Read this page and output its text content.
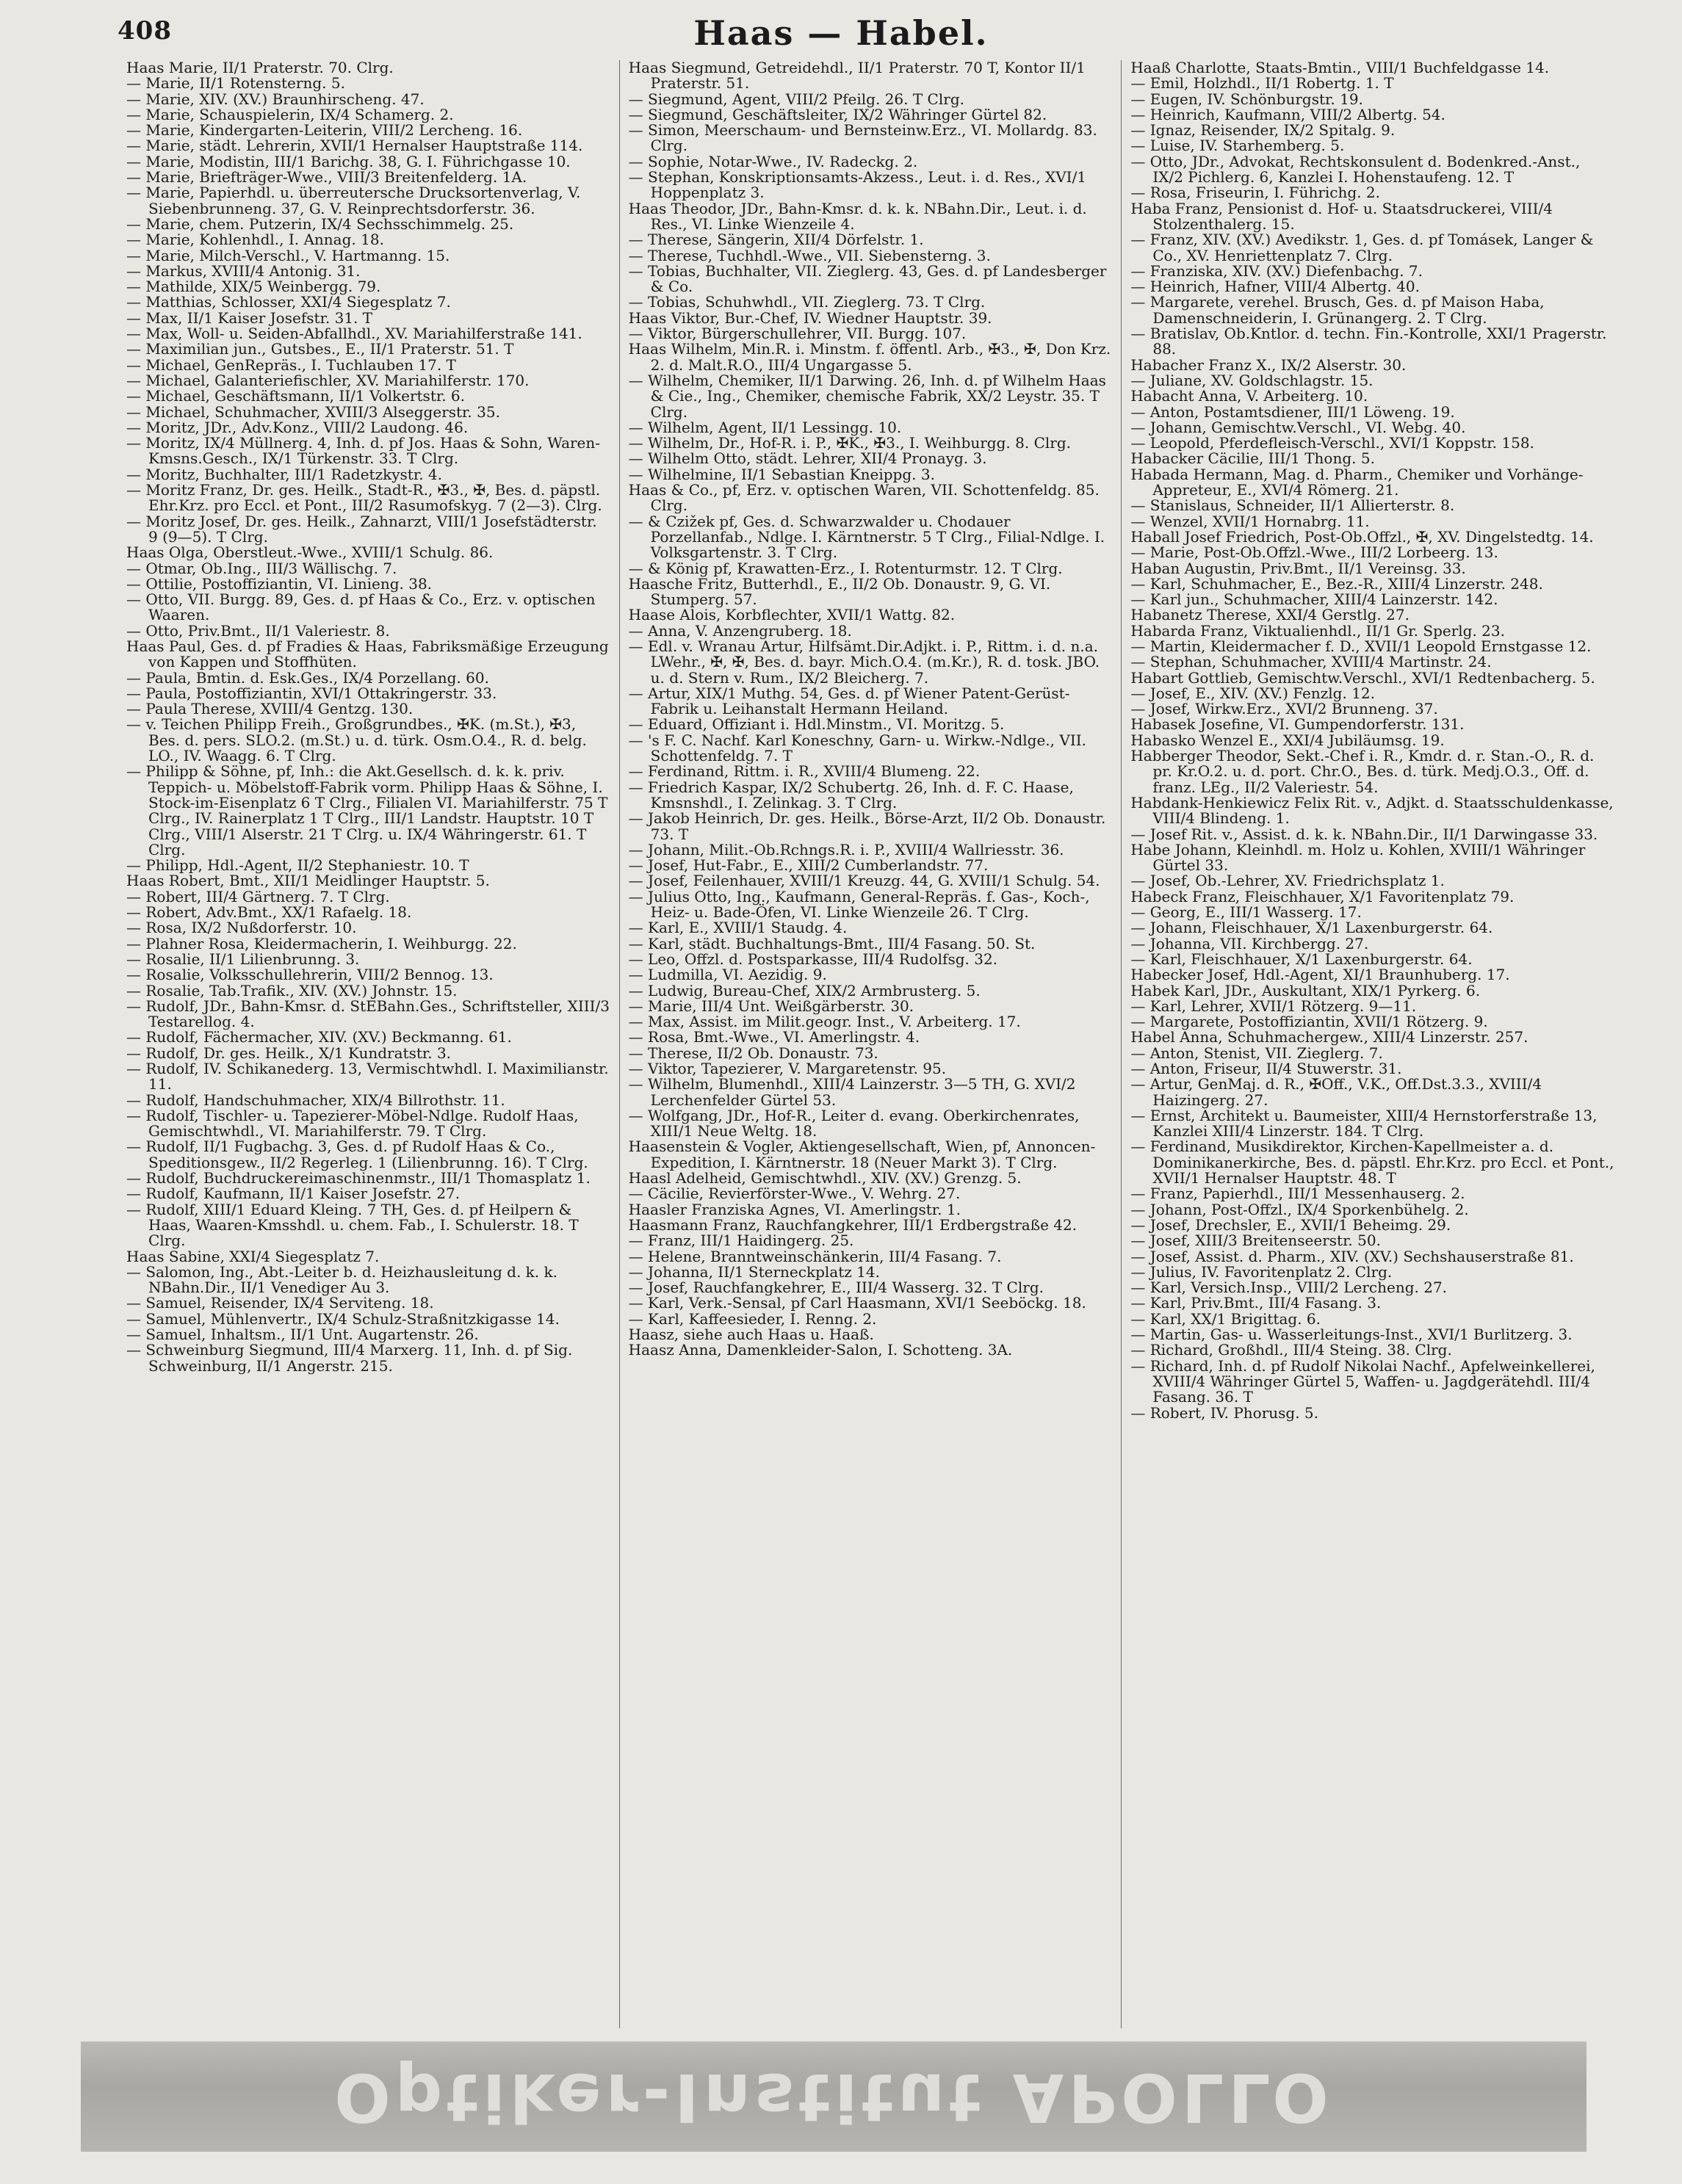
408	Haas — Habel.

Haas Marie, II/1 Praterstr. 70. Clrg.

— Marie, II/1 Rotensterng. 5.

— Marie, XIV. (XV.) Braunhirscheng. 47.

— Marie, Schauspielerin, IX/4 Schamerg. 2.

— Marie, Kindergarten-Leiterin, VIII/2 Lercheng. 16.

— Marie, städt. Lehrerin, XVII/1 Hernalser Hauptstraße 114.

— Marie, Modistin, III/1 Barichg. 38, G. I. Führichgasse 10.

— Marie, Briefträger-Wwe., VIII/3 Breitenfelderg. 1A.

— Marie, Papierhdl. u. überreutersche Drucksortenverlag, V. Siebenbrunneng. 37, G. V. Reinprechtsdorferstr. 36.

— Marie, chem. Putzerin, IX/4 Sechsschimmelg. 25.

— Marie, Kohlenhdl., I. Annag. 18.

— Marie, Milch-Verschl., V. Hartmanng. 15.

— Markus, XVIII/4 Antonig. 31.

— Mathilde, XIX/5 Weinbergg. 79.

— Matthias, Schlosser, XXI/4 Siegesplatz 7.

— Max, II/1 Kaiser Josefstr. 31. T

— Max, Woll- u. Seiden-Abfallhdl., XV. Mariahilferstraße 141.

— Maximilian jun., Gutsbes., E., II/1 Praterstr. 51. T

— Michael, GenRepräs., I. Tuchlauben 17. T

— Michael, Galanteriefischler, XV. Mariahilferstr. 170.

— Michael, Geschäftsmann, II/1 Volkertstr. 6.

— Michael, Schuhmacher, XVIII/3 Alseggerstr. 35.

— Moritz, JDr., Adv.Konz., VIII/2 Laudong. 46.

— Moritz, IX/4 Müllnerg. 4, Inh. d. pf Jos. Haas & Sohn, Waren-Kmsns.Gesch., IX/1 Türkenstr. 33. T Clrg.

— Moritz, Buchhalter, III/1 Radetzkystr. 4.

— Moritz Franz, Dr. ges. Heilk., Stadt-R., ✠3., ✠, Bes. d. päpstl. Ehr.Krz. pro Eccl. et Pont., III/2 Rasumofskyg. 7 (2—3). Clrg.

— Moritz Josef, Dr. ges. Heilk., Zahnarzt, VIII/1 Josefstädterstr. 9 (9—5). T Clrg.

Haas Olga, Oberstleut.-Wwe., XVIII/1 Schulg. 86.

— Otmar, Ob.Ing., III/3 Wällischg. 7.

— Ottilie, Postoffiziantin, VI. Linieng. 38.

— Otto, VII. Burgg. 89, Ges. d. pf Haas & Co., Erz. v. optischen Waaren.

— Otto, Priv.Bmt., II/1 Valeriestr. 8.

Haas Paul, Ges. d. pf Fradies & Haas, Fabriksmäßige Erzeugung von Kappen und Stoffhüten.

— Paula, Bmtin. d. Esk.Ges., IX/4 Porzellang. 60.

— Paula, Postoffiziantin, XVI/1 Ottakringerstr. 33.

— Paula Therese, XVIII/4 Gentzg. 130.

— v. Teichen Philipp Freih., Großgrundbes., ✠K. (m.St.), ✠3, Bes. d. pers. SLO.2. (m.St.) u. d. türk. Osm.O.4., R. d. belg. LO., IV. Waagg. 6. T Clrg.

— Philipp & Söhne, pf, Inh.: die Akt.Gesellsch. d. k. k. priv. Teppich- u. Möbelstoff-Fabrik vorm. Philipp Haas & Söhne, I. Stock-im-Eisenplatz 6 T Clrg., Filialen VI. Mariahilferstr. 75 T Clrg., IV. Rainerplatz 1 T Clrg., III/1 Landstr. Hauptstr. 10 T Clrg., VIII/1 Alserstr. 21 T Clrg. u. IX/4 Währingerstr. 61. T Clrg.

— Philipp, Hdl.-Agent, II/2 Stephaniestr. 10. T

Haas Robert, Bmt., XII/1 Meidlinger Hauptstr. 5.

— Robert, III/4 Gärtnerg. 7. T Clrg.

— Robert, Adv.Bmt., XX/1 Rafaelg. 18.

— Rosa, IX/2 Nußdorferstr. 10.

— Plahner Rosa, Kleidermacherin, I. Weihburgg. 22.

— Rosalie, II/1 Lilienbrunng. 3.

— Rosalie, Volksschullehrerin, VIII/2 Bennog. 13.

— Rosalie, Tab.Trafik., XIV. (XV.) Johnstr. 15.

— Rudolf, JDr., Bahn-Kmsr. d. StEBahn.Ges., Schriftsteller, XIII/3 Testarellog. 4.

— Rudolf, Fächermacher, XIV. (XV.) Beckmanng. 61.

— Rudolf, Dr. ges. Heilk., X/1 Kundratstr. 3.

— Rudolf, IV. Schikanederg. 13, Vermischtwhdl. I. Maximilianstr. 11.

— Rudolf, Handschuhmacher, XIX/4 Billrothstr. 11.

— Rudolf, Tischler- u. Tapezierer-Möbel-Ndlge. Rudolf Haas, Gemischtwhdl., VI. Mariahilferstr. 79. T Clrg.

— Rudolf, II/1 Fugbachg. 3, Ges. d. pf Rudolf Haas & Co., Speditionsgew., II/2 Regerleg. 1 (Lilienbrunng. 16). T Clrg.

— Rudolf, Buchdruckereimaschinenmstr., III/1 Thomasplatz 1.

— Rudolf, Kaufmann, II/1 Kaiser Josefstr. 27.

— Rudolf, XIII/1 Eduard Kleing. 7 TH, Ges. d. pf Heilpern & Haas, Waaren-Kmsshdl. u. chem. Fab., I. Schulerstr. 18. T Clrg.

Haas Sabine, XXI/4 Siegesplatz 7.

— Salomon, Ing., Abt.-Leiter b. d. Heizhausleitung d. k. k. NBahn.Dir., II/1 Venediger Au 3.

— Samuel, Reisender, IX/4 Serviteng. 18.

— Samuel, Mühlenvertr., IX/4 Schulz-Straßnitzkigasse 14.

— Samuel, Inhaltsm., II/1 Unt. Augartenstr. 26.

— Schweinburg Siegmund, III/4 Marxerg. 11, Inh. d. pf Sig. Schweinburg, II/1 Angerstr. 215.

Haas Siegmund, Getreidehdl., II/1 Praterstr. 70 T, Kontor II/1 Praterstr. 51.

— Siegmund, Agent, VIII/2 Pfeilg. 26. T Clrg.

— Siegmund, Geschäftsleiter, IX/2 Währinger Gürtel 82.

— Simon, Meerschaum- und Bernsteinw.Erz., VI. Mollardg. 83. Clrg.

— Sophie, Notar-Wwe., IV. Radeckg. 2.

— Stephan, Konskriptionsamts-Akzess., Leut. i. d. Res., XVI/1 Hoppenplatz 3.

Haas Theodor, JDr., Bahn-Kmsr. d. k. k. NBahn.Dir., Leut. i. d. Res., VI. Linke Wienzeile 4.

— Therese, Sängerin, XII/4 Dörfelstr. 1.

— Therese, Tuchhdl.-Wwe., VII. Siebensterng. 3.

— Tobias, Buchhalter, VII. Zieglerg. 43, Ges. d. pf Landesberger & Co.

— Tobias, Schuhwhdl., VII. Zieglerg. 73. T Clrg.

Haas Viktor, Bur.-Chef, IV. Wiedner Hauptstr. 39.

— Viktor, Bürgerschullehrer, VII. Burgg. 107.

Haas Wilhelm, Min.R. i. Minstm. f. öffentl. Arb., ✠3., ✠, Don Krz. 2. d. Malt.R.O., III/4 Ungargasse 5.

— Wilhelm, Chemiker, II/1 Darwing. 26, Inh. d. pf Wilhelm Haas & Cie., Ing., Chemiker, chemische Fabrik, XX/2 Leystr. 35. T Clrg.

— Wilhelm, Agent, II/1 Lessingg. 10.

— Wilhelm, Dr., Hof-R. i. P., ✠K., ✠3., I. Weihburgg. 8. Clrg.

— Wilhelm Otto, städt. Lehrer, XII/4 Pronayg. 3.

— Wilhelmine, II/1 Sebastian Kneippg. 3.

Haas & Co., pf, Erz. v. optischen Waren, VII. Schottenfeldg. 85. Clrg.

— & Czižek pf, Ges. d. Schwarzwalder u. Chodauer Porzellanfab., Ndlge. I. Kärntnerstr. 5 T Clrg., Filial-Ndlge. I. Volksgartenstr. 3. T Clrg.

— & König pf, Krawatten-Erz., I. Rotenturmstr. 12. T Clrg.

Haasche Fritz, Butterhdl., E., II/2 Ob. Donaustr. 9, G. VI. Stumperg. 57.

Haase Alois, Korbflechter, XVII/1 Wattg. 82.

— Anna, V. Anzengruberg. 18.

— Edl. v. Wranau Artur, Hilfsämt.Dir.Adjkt. i. P., Rittm. i. d. n.a. LWehr., ✠, ✠, Bes. d. bayr. Mich.O.4. (m.Kr.), R. d. tosk. JBO. u. d. Stern v. Rum., IX/2 Bleicherg. 7.

— Artur, XIX/1 Muthg. 54, Ges. d. pf Wiener Patent-Gerüst-Fabrik u. Leihanstalt Hermann Heiland.

— Eduard, Offiziant i. Hdl.Minstm., VI. Moritzg. 5.

— 's F. C. Nachf. Karl Koneschny, Garn- u. Wirkw.-Ndlge., VII. Schottenfeldg. 7. T

— Ferdinand, Rittm. i. R., XVIII/4 Blumeng. 22.

— Friedrich Kaspar, IX/2 Schubertg. 26, Inh. d. F. C. Haase, Kmsnshdl., I. Zelinkag. 3. T Clrg.

— Jakob Heinrich, Dr. ges. Heilk., Börse-Arzt, II/2 Ob. Donaustr. 73. T

— Johann, Milit.-Ob.Rchngs.R. i. P., XVIII/4 Wallriesstr. 36.

— Josef, Hut-Fabr., E., XIII/2 Cumberlandstr. 77.

— Josef, Feilenhauer, XVIII/1 Kreuzg. 44, G. XVIII/1 Schulg. 54.

— Julius Otto, Ing., Kaufmann, General-Repräs. f. Gas-, Koch-, Heiz- u. Bade-Öfen, VI. Linke Wienzeile 26. T Clrg.

— Karl, E., XVIII/1 Staudg. 4.

— Karl, städt. Buchhaltungs-Bmt., III/4 Fasang. 50. St.

— Leo, Offzl. d. Postsparkasse, III/4 Rudolfsg. 32.

— Ludmilla, VI. Aezidig. 9.

— Ludwig, Bureau-Chef, XIX/2 Armbrusterg. 5.

— Marie, III/4 Unt. Weißgärberstr. 30.

— Max, Assist. im Milit.geogr. Inst., V. Arbeiterg. 17.

— Rosa, Bmt.-Wwe., VI. Amerlingstr. 4.

— Therese, II/2 Ob. Donaustr. 73.

— Viktor, Tapezierer, V. Margaretenstr. 95.

— Wilhelm, Blumenhdl., XIII/4 Lainzerstr. 3—5 TH, G. XVI/2 Lerchenfelder Gürtel 53.

— Wolfgang, JDr., Hof-R., Leiter d. evang. Oberkirchenrates, XIII/1 Neue Weltg. 18.

Haasenstein & Vogler, Aktiengesellschaft, Wien, pf, Annoncen-Expedition, I. Kärntnerstr. 18 (Neuer Markt 3). T Clrg.

Haasl Adelheid, Gemischtwhdl., XIV. (XV.) Grenzg. 5.

— Cäcilie, Revierförster-Wwe., V. Wehrg. 27.

Haasler Franziska Agnes, VI. Amerlingstr. 1.

Haasmann Franz, Rauchfangkehrer, III/1 Erdbergstraße 42.

— Franz, III/1 Haidingerg. 25.

— Helene, Branntweinschänkerin, III/4 Fasang. 7.

— Johanna, II/1 Sterneckplatz 14.

— Josef, Rauchfangkehrer, E., III/4 Wasserg. 32. T Clrg.

— Karl, Verk.-Sensal, pf Carl Haasmann, XVI/1 Seeböckg. 18.

— Karl, Kaffeesieder, I. Renng. 2.

Haasz, siehe auch Haas u. Haaß.

Haasz Anna, Damenkleider-Salon, I. Schotteng. 3A.

Haaß Charlotte, Staats-Bmtin., VIII/1 Buchfeldgasse 14.

— Emil, Holzhdl., II/1 Robertg. 1. T

— Eugen, IV. Schönburgstr. 19.

— Heinrich, Kaufmann, VIII/2 Albertg. 54.

— Ignaz, Reisender, IX/2 Spitalg. 9.

— Luise, IV. Starhemberg. 5.

— Otto, JDr., Advokat, Rechtskonsulent d. Bodenkred.-Anst., IX/2 Pichlerg. 6, Kanzlei I. Hohenstaufeng. 12. T

— Rosa, Friseurin, I. Führichg. 2.

Haba Franz, Pensionist d. Hof- u. Staatsdruckerei, VIII/4 Stolzenthalerg. 15.

— Franz, XIV. (XV.) Avedikstr. 1, Ges. d. pf Tomásek, Langer & Co., XV. Henriettenplatz 7. Clrg.

— Franziska, XIV. (XV.) Diefenbachg. 7.

— Heinrich, Hafner, VIII/4 Albertg. 40.

— Margarete, verehel. Brusch, Ges. d. pf Maison Haba, Damenschneiderin, I. Grünangerg. 2. T Clrg.

— Bratislav, Ob.Kntlor. d. techn. Fin.-Kontrolle, XXI/1 Pragerstr. 88.

Habacher Franz X., IX/2 Alserstr. 30.

— Juliane, XV. Goldschlagstr. 15.

Habacht Anna, V. Arbeiterg. 10.

— Anton, Postamtsdiener, III/1 Löweng. 19.

— Johann, Gemischtw.Verschl., VI. Webg. 40.

— Leopold, Pferdefleisch-Verschl., XVI/1 Koppstr. 158.

Habacker Cäcilie, III/1 Thong. 5.

Habada Hermann, Mag. d. Pharm., Chemiker und Vorhänge-Appreteur, E., XVI/4 Römerg. 21.

— Stanislaus, Schneider, II/1 Allierterstr. 8.

— Wenzel, XVII/1 Hornabrg. 11.

Haball Josef Friedrich, Post-Ob.Offzl., ✠, XV. Dingelstedtg. 14.

— Marie, Post-Ob.Offzl.-Wwe., III/2 Lorbeerg. 13.

Haban Augustin, Priv.Bmt., II/1 Vereinsg. 33.

— Karl, Schuhmacher, E., Bez.-R., XIII/4 Linzerstr. 248.

— Karl jun., Schuhmacher, XIII/4 Lainzerstr. 142.

Habanetz Therese, XXI/4 Gerstlg. 27.

Habarda Franz, Viktualienhdl., II/1 Gr. Sperlg. 23.

— Martin, Kleidermacher f. D., XVII/1 Leopold Ernstgasse 12.

— Stephan, Schuhmacher, XVIII/4 Martinstr. 24.

Habart Gottlieb, Gemischtw.Verschl., XVI/1 Redtenbacherg. 5.

— Josef, E., XIV. (XV.) Fenzlg. 12.

— Josef, Wirkw.Erz., XVI/2 Brunneng. 37.

Habasek Josefine, VI. Gumpendorferstr. 131.

Habasko Wenzel E., XXI/4 Jubiläumsg. 19.

Habberger Theodor, Sekt.-Chef i. R., Kmdr. d. r. Stan.-O., R. d. pr. Kr.O.2. u. d. port. Chr.O., Bes. d. türk. Medj.O.3., Off. d. franz. LEg., II/2 Valeriestr. 54.

Habdank-Henkiewicz Felix Rit. v., Adjkt. d. Staatsschuldenkasse, VIII/4 Blindeng. 1.

— Josef Rit. v., Assist. d. k. k. NBahn.Dir., II/1 Darwingasse 33.

Habe Johann, Kleinhdl. m. Holz u. Kohlen, XVIII/1 Währinger Gürtel 33.

— Josef, Ob.-Lehrer, XV. Friedrichsplatz 1.

Habeck Franz, Fleischhauer, X/1 Favoritenplatz 79.

— Georg, E., III/1 Wasserg. 17.

— Johann, Fleischhauer, X/1 Laxenburgerstr. 64.

— Johanna, VII. Kirchbergg. 27.

— Karl, Fleischhauer, X/1 Laxenburgerstr. 64.

Habecker Josef, Hdl.-Agent, XI/1 Braunhuberg. 17.

Habek Karl, JDr., Auskultant, XIX/1 Pyrkerg. 6.

— Karl, Lehrer, XVII/1 Rötzerg. 9—11.

— Margarete, Postoffiziantin, XVII/1 Rötzerg. 9.

Habel Anna, Schuhmachergew., XIII/4 Linzerstr. 257.

— Anton, Stenist, VII. Zieglerg. 7.

— Anton, Friseur, II/4 Stuwerstr. 31.

— Artur, GenMaj. d. R., ✠Off., V.K., Off.Dst.3.3., XVIII/4 Haizingerg. 27.

— Ernst, Architekt u. Baumeister, XIII/4 Hernstorferstraße 13, Kanzlei XIII/4 Linzerstr. 184. T Clrg.

— Ferdinand, Musikdirektor, Kirchen-Kapellmeister a. d. Dominikanerkirche, Bes. d. päpstl. Ehr.Krz. pro Eccl. et Pont., XVII/1 Hernalser Hauptstr. 48. T

— Franz, Papierhdl., III/1 Messenhauserg. 2.

— Johann, Post-Offzl., IX/4 Sporkenbühelg. 2.

— Josef, Drechsler, E., XVII/1 Beheimg. 29.

— Josef, XIII/3 Breitenseerstr. 50.

— Josef, Assist. d. Pharm., XIV. (XV.) Sechshauserstraße 81.

— Julius, IV. Favoritenplatz 2. Clrg.

— Karl, Versich.Insp., VIII/2 Lercheng. 27.

— Karl, Priv.Bmt., III/4 Fasang. 3.

— Karl, XX/1 Brigittag. 6.

— Martin, Gas- u. Wasserleitungs-Inst., XVI/1 Burlitzerg. 3.

— Richard, Großhdl., III/4 Steing. 38. Clrg.

— Richard, Inh. d. pf Rudolf Nikolai Nachf., Apfelweinkellerei, XVIII/4 Währinger Gürtel 5, Waffen- u. Jagdgerätehdl. III/4 Fasang. 36. T

— Robert, IV. Phorusg. 5.

Optiker-Institut APOLLO
